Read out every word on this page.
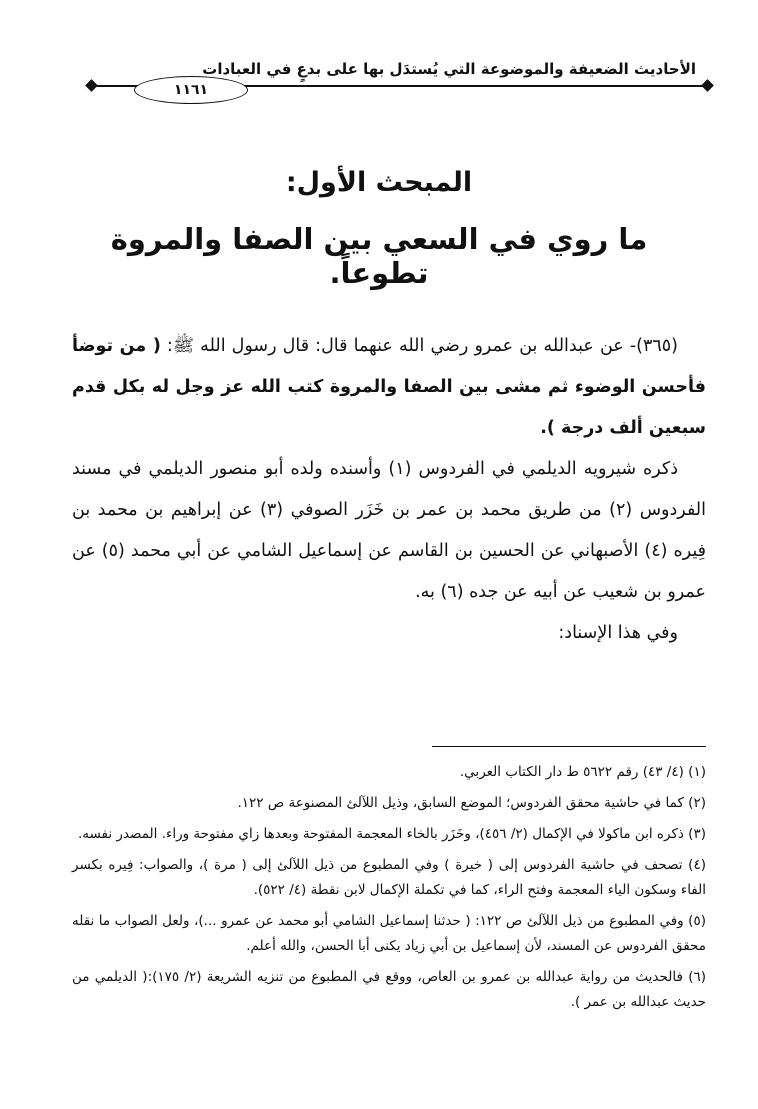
الأحاديث الضعيفة والموضوعة التي يُستدَل بها على بدعٍ في العبادات
١١٦١
المبحث الأول:
ما روي في السعي بين الصفا والمروة تطوعاً.

(٣٦٥)- عن عبدالله بن عمرو رضي الله عنهما قال: قال رسول الله ﷺ: ( من توضأ فأحسن الوضوء ثم مشى بين الصفا والمروة كتب الله عز وجل له بكل قدم سبعين ألف درجة ).

ذكره شيرويه الديلمي في الفردوس (١) وأسنده ولده أبو منصور الديلمي في مسند الفردوس (٢) من طريق محمد بن عمر بن خَزَر الصوفي (٣) عن إبراهيم بن محمد بن فِيره (٤) الأصبهاني عن الحسين بن القاسم عن إسماعيل الشامي عن أبي محمد (٥) عن عمرو بن شعيب عن أبيه عن جده (٦) به.

وفي هذا الإسناد:

(١) (٤/ ٤٣) رقم ٥٦٢٢ ط دار الكتاب العربي.

(٢) كما في حاشية محقق الفردوس؛ الموضع السابق، وذيل اللآلئ المصنوعة ص ١٢٢.

(٣) ذكره ابن ماكولا في الإكمال (٢/ ٤٥٦)، وخَزَر بالخاء المعجمة المفتوحة وبعدها زاي مفتوحة وراء. المصدر نفسه.

(٤) تصحف في حاشية الفردوس إلى ( خيرة ) وفي المطبوع من ذيل اللآلئ إلى ( مرة )، والصواب: فِيره بكسر الفاء وسكون الياء المعجمة وفتح الراء، كما في تكملة الإكمال لابن نقطة (٤/ ٥٢٢).

(٥) وفي المطبوع من ذيل اللآلئ ص ١٢٢: ( حدثنا إسماعيل الشامي أبو محمد عن عمرو ...)، ولعل الصواب ما نقله محقق الفردوس عن المسند، لأن إسماعيل بن أبي زياد يكنى أبا الحسن، والله أعلم.

(٦) فالحديث من رواية عبدالله بن عمرو بن العاص، ووقع في المطبوع من تنزيه الشريعة (٢/ ١٧٥):( الديلمي من حديث عبدالله بن عمر ).
